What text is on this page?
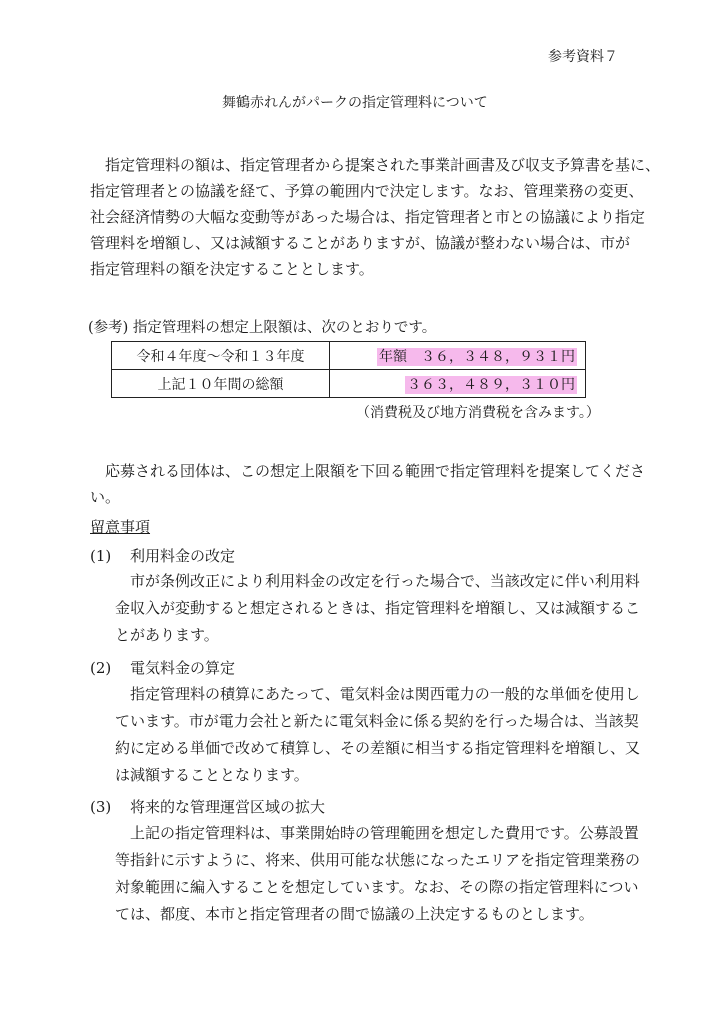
参考資料７
舞鶴赤れんがパークの指定管理料について
　指定管理料の額は、指定管理者から提案された事業計画書及び収支予算書を基に、
指定管理者との協議を経て、予算の範囲内で決定します。なお、管理業務の変更、
社会経済情勢の大幅な変動等があった場合は、指定管理者と市との協議により指定
管理料を増額し、又は減額することがありますが、協議が整わない場合は、市が
指定管理料の額を決定することとします。
(参考) 指定管理料の想定上限額は、次のとおりです。
令和４年度～令和１３年度	年額　３６，３４８，９３１円
上記１０年間の総額	３６３，４８９，３１０円
（消費税及び地方消費税を含みます。）
　応募される団体は、この想定上限額を下回る範囲で指定管理料を提案してくださ
い。
留意事項
(1) 利用料金の改定
　市が条例改正により利用料金の改定を行った場合で、当該改定に伴い利用料
金収入が変動すると想定されるときは、指定管理料を増額し、又は減額するこ
とがあります。
(2) 電気料金の算定
　指定管理料の積算にあたって、電気料金は関西電力の一般的な単価を使用し
ています。市が電力会社と新たに電気料金に係る契約を行った場合は、当該契
約に定める単価で改めて積算し、その差額に相当する指定管理料を増額し、又
は減額することとなります。
(3) 将来的な管理運営区域の拡大
　上記の指定管理料は、事業開始時の管理範囲を想定した費用です。公募設置
等指針に示すように、将来、供用可能な状態になったエリアを指定管理業務の
対象範囲に編入することを想定しています。なお、その際の指定管理料につい
ては、都度、本市と指定管理者の間で協議の上決定するものとします。
